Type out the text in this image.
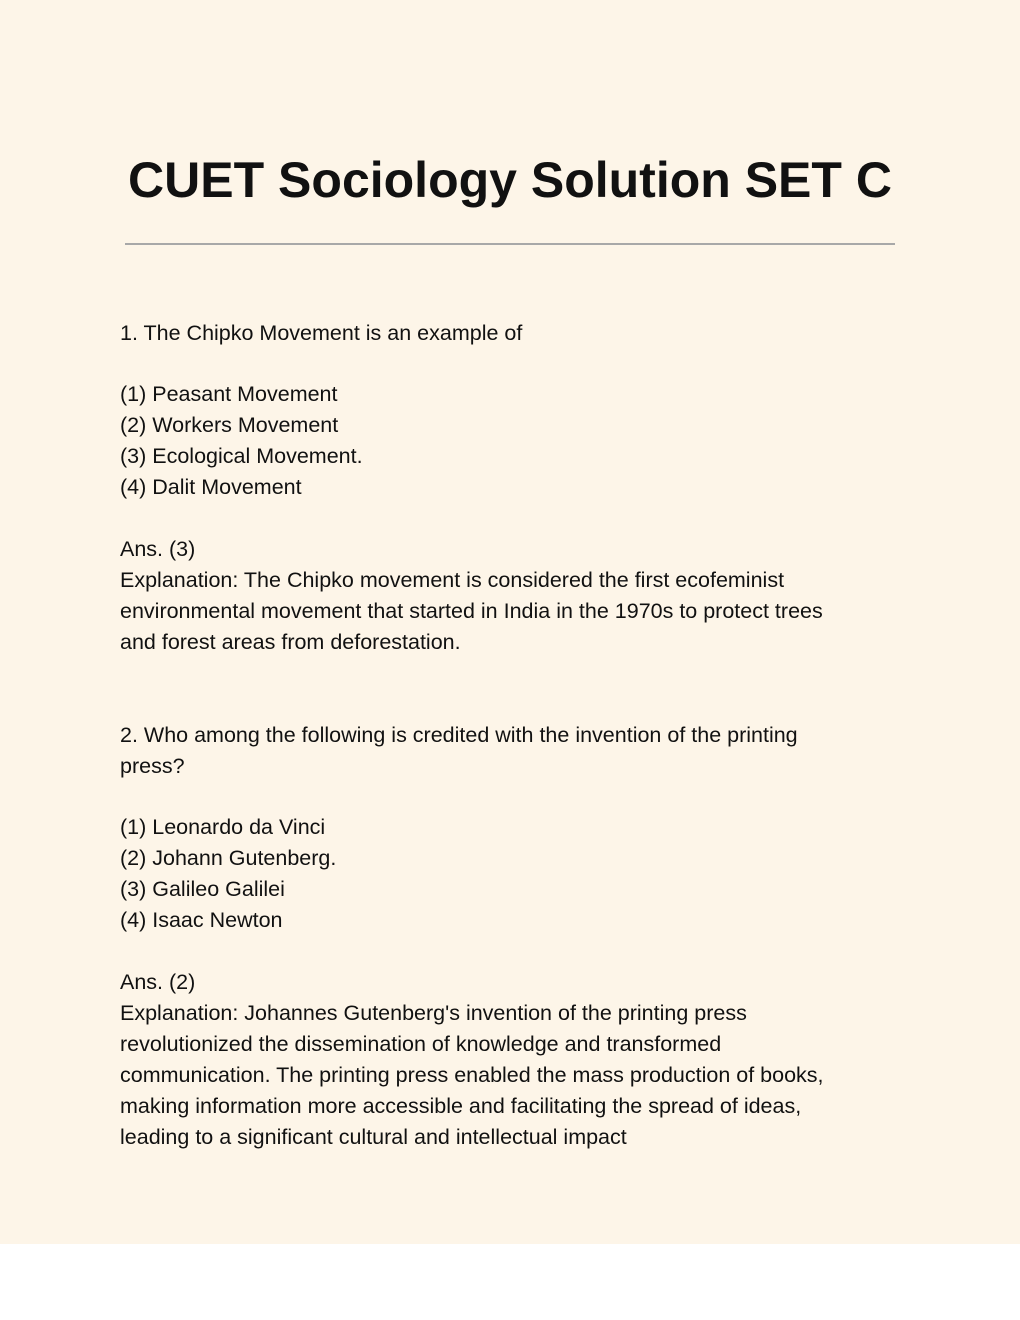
CUET Sociology Solution SET C

1. The Chipko Movement is an example of

(1) Peasant Movement
(2) Workers Movement
(3) Ecological Movement.
(4) Dalit Movement
Ans. (3)
Explanation: The Chipko movement is considered the first ecofeminist
environmental movement that started in India in the 1970s to protect trees
and forest areas from deforestation.

2. Who among the following is credited with the invention of the printing
press?

(1) Leonardo da Vinci
(2) Johann Gutenberg.
(3) Galileo Galilei
(4) Isaac Newton
Ans. (2)
Explanation: Johannes Gutenberg's invention of the printing press
revolutionized the dissemination of knowledge and transformed
communication. The printing press enabled the mass production of books,
making information more accessible and facilitating the spread of ideas,
leading to a significant cultural and intellectual impact
